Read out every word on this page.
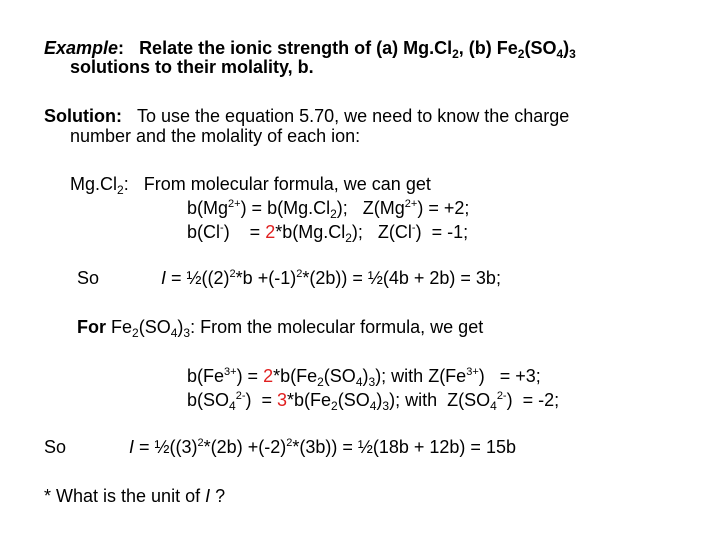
Example: Relate the ionic strength of (a) $Mg.Cl_2$, (b) $Fe_2(SO_4)_3$
solutions to their molality, b.
Solution: To use the equation 5.70, we need to know the charge
number and the molality of each ion:
$Mg.Cl_2$: From molecular formula, we can get
$b(Mg^{2+}) = b(Mg.Cl_2)$;   $Z(Mg^{2+}) = +2$;
b(Cl-)    = $2*b(Mg.Cl_2)$;   Z(Cl-)  = -1;
So	$I = \frac{1}{2}((2)^2*b +(-1)^2*(2b))$ = ½(4b + 2b) = 3b;
For $Fe_2(SO_4)_3$: From the molecular formula, we get
$b(Fe^{3+}) = 2*b(Fe_2(SO_4)_3)$; with $Z(Fe^{3+}) = +3$;
$b(SO_4^{2-}) = 3*b(Fe_2(SO_4)_3)$; with  $Z(SO_4^{2-}) = -2$;
So	$I = \frac{1}{2}((3)^2*(2b) +(-2)^2*(3b))$ = ½(18b + 12b) = 15b
* What is the unit of I ?
